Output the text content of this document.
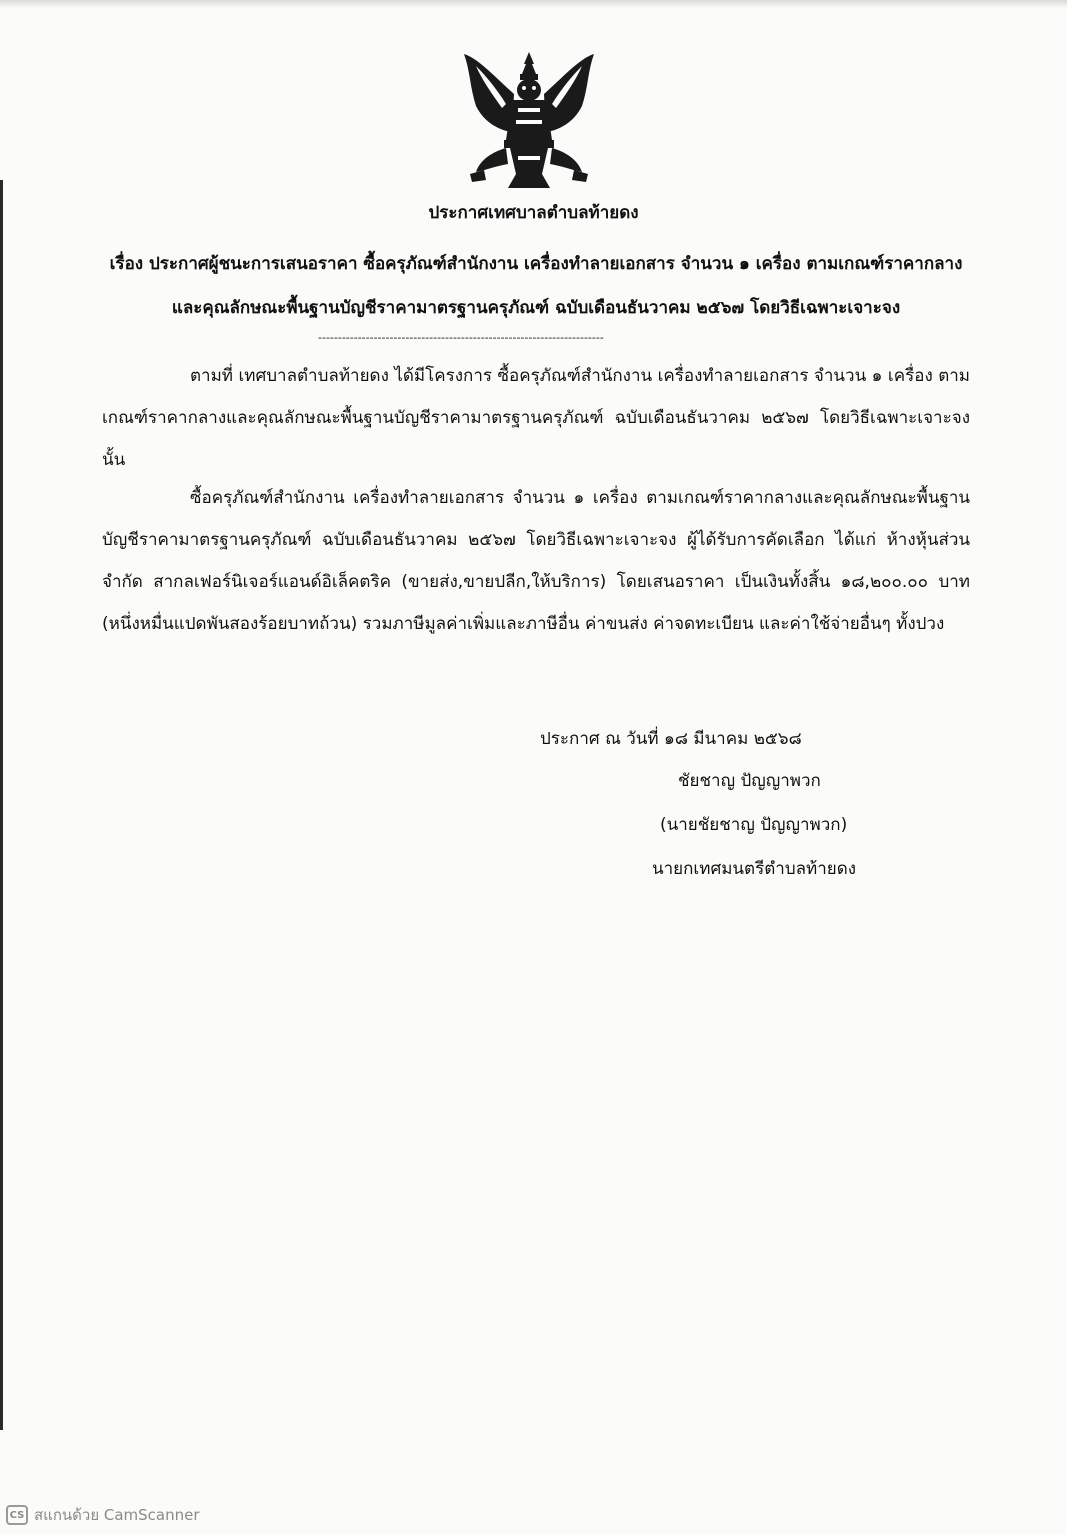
ประกาศเทศบาลตำบลท้ายดง
เรื่อง ประกาศผู้ชนะการเสนอราคา ซื้อครุภัณฑ์สำนักงาน เครื่องทำลายเอกสาร จำนวน ๑ เครื่อง ตามเกณฑ์ราคากลางและคุณลักษณะพื้นฐานบัญชีราคามาตรฐานครุภัณฑ์ ฉบับเดือนธันวาคม ๒๕๖๗ โดยวิธีเฉพาะเจาะจง
------------------------------------------------------------------------
ตามที่ เทศบาลตำบลท้ายดง ได้มีโครงการ ซื้อครุภัณฑ์สำนักงาน เครื่องทำลายเอกสาร จำนวน ๑ เครื่อง ตามเกณฑ์ราคากลางและคุณลักษณะพื้นฐานบัญชีราคามาตรฐานครุภัณฑ์ ฉบับเดือนธันวาคม ๒๕๖๗ โดยวิธีเฉพาะเจาะจง นั้น
ซื้อครุภัณฑ์สำนักงาน เครื่องทำลายเอกสาร จำนวน ๑ เครื่อง ตามเกณฑ์ราคากลางและคุณลักษณะพื้นฐานบัญชีราคามาตรฐานครุภัณฑ์ ฉบับเดือนธันวาคม ๒๕๖๗ โดยวิธีเฉพาะเจาะจง ผู้ได้รับการคัดเลือก ได้แก่ ห้างหุ้นส่วนจำกัด สากลเฟอร์นิเจอร์แอนด์อิเล็คตริค (ขายส่ง,ขายปลีก,ให้บริการ) โดยเสนอราคา เป็นเงินทั้งสิ้น ๑๘,๒๐๐.๐๐ บาท (หนึ่งหมื่นแปดพันสองร้อยบาทถ้วน) รวมภาษีมูลค่าเพิ่มและภาษีอื่น ค่าขนส่ง ค่าจดทะเบียน และค่าใช้จ่ายอื่นๆ ทั้งปวง
ประกาศ ณ วันที่ ๑๘ มีนาคม ๒๕๖๘
ชัยชาญ ปัญญาพวก
(นายชัยชาญ ปัญญาพวก)
นายกเทศมนตรีตำบลท้ายดง
CS สแกนด้วย CamScanner
